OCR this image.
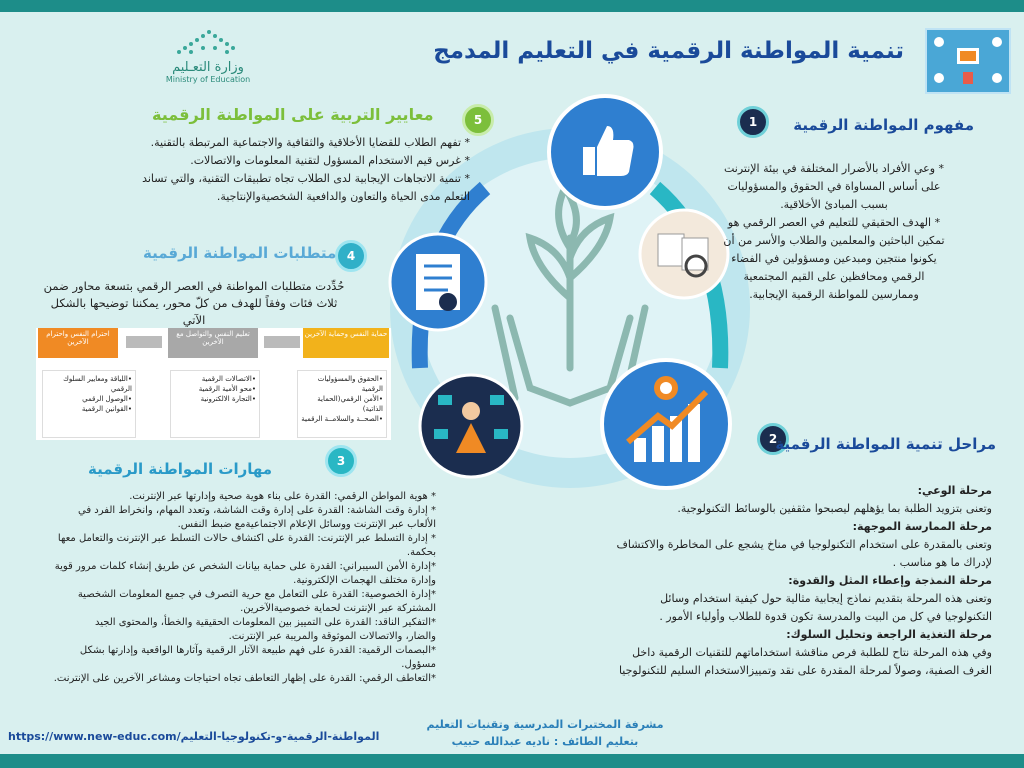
تنمية المواطنة الرقمية في التعليم المدمج
وزارة التعـليم
Ministry of Education
1	مفهوم المواطنة الرقمية
* وعي الأفراد بالأضرار المختلفة في بيئة الإنترنت
على أساس المساواة في الحقوق والمسؤوليات
بسبب المبادئ الأخلاقية.
* الهدف الحقيقي للتعليم في العصر الرقمي هو
تمكين الباحثين والمعلمين والطلاب والأسر من أن
يكونوا منتجين ومبدعين ومسؤولين في الفضاء
الرقمي ومحافظين على القيم المجتمعية
وممارسين للمواطنة الرقمية الإيجابية.
2
مراحل تنمية المواطنة الرقمية
مرحلة الوعي:
وتعنى بتزويد الطلبة بما يؤهلهم ليصبحوا مثقفين بالوسائط التكنولوجية.
مرحلة الممارسة الموجهة:
وتعنى بالمقدرة على استخدام التكنولوجيا في مناخ يشجع على المخاطرة والاكتشاف
لإدراك ما هو مناسب .
مرحلة النمذجة وإعطاء المثل والقدوة:
وتعنى هذه المرحلة بتقديم نماذج إيجابية مثالية حول كيفية استخدام وسائل
التكنولوجيا في كل من البيت والمدرسة تكون قدوة للطلاب وأولياء الأمور .
مرحلة التغذية الراجعة وتحليل السلوك:
وفي هذه المرحلة نتاح للطلبة فرص مناقشة استخداماتهم للتقنيات الرقمية داخل
الغرف الصفية، وصولاً لمرحلة المقدرة على نقد وتمييزالاستخدام السليم للتكنولوجيا
3
مهارات المواطنة الرقمية
* هوية المواطن الرقمي: القدرة على بناء هوية صحية وإدارتها عبر الإنترنت.
* إدارة وقت الشاشة: القدرة على إدارة وقت الشاشة، وتعدد المهام، وانخراط الفرد في
الألعاب عبر الإنترنت ووسائل الإعلام الاجتماعيةمع ضبط النفس.
* إدارة التسلط عبر الإنترنت: القدرة على اكتشاف حالات التسلط عبر الإنترنت والتعامل معها
بحكمة.
*إدارة الأمن السيبراني: القدرة على حماية بيانات الشخص عن طريق إنشاء كلمات مرور قوية
وإدارة مختلف الهجمات الإلكترونية.
*إدارة الخصوصية: القدرة على التعامل مع حرية التصرف في جميع المعلومات الشخصية
المشتركة عبر الإنترنت لحماية خصوصيةالآخرين.
*التفكير الناقد: القدرة على التمييز بين المعلومات الحقيقية والخطأ، والمحتوى الجيد
والضار، والاتصالات الموثوقة والمريبة عبر الإنترنت.
*البصمات الرقمية: القدرة على فهم طبيعة الآثار الرقمية وآثارها الواقعية وإدارتها بشكل
مسؤول.
*التعاطف الرقمي: القدرة على إظهار التعاطف تجاه احتياجات ومشاعر الآخرين على الإنترنت.
4
متطلبات المواطنة الرقمية
حُدِّدت متطلبات المواطنة في العصر الرقمي بتسعة محاور ضمن
ثلاث فئات وفقاً للهدف من كلّ محور، يمكننا توضيحها بالشكل
الآتي
حماية النفس وحماية الآخرين
تعليم النفس والتواصل مع الآخرين
احترام النفس واحترام الآخرين
•الحقوق والمسؤوليات الرقمية
•الأمن الرقمي(الحماية الذاتية)
•الصحــة والسلامــة الرقمية
•الاتصالات الرقمية
•محو الأمية الرقمية
•التجارة الالكترونية
•اللياقة ومعايير السلوك الرقمي
•الوصول الرقمي
•القوانين الرقمية
5
معايير التربية على المواطنة الرقمية
* تفهم الطلاب للقضايا الأخلاقية والثقافية والاجتماعية المرتبطة بالتقنية.
* غرس قيم الاستخدام المسؤول لتقنية المعلومات والاتصالات.
* تنمية الاتجاهات الإيجابية لدى الطلاب تجاه تطبيقات التقنية، والتي تساند
التعلم مدى الحياة والتعاون والدافعية الشخصيةوالإنتاجية.
مشرفة المختبرات المدرسية وتقنيات التعليم
بتعليم الطائف : ناديه عبدالله حبيب
https://www.new-educ.com/المواطنة-الرقمية-و-تكنولوجيا-التعليم
